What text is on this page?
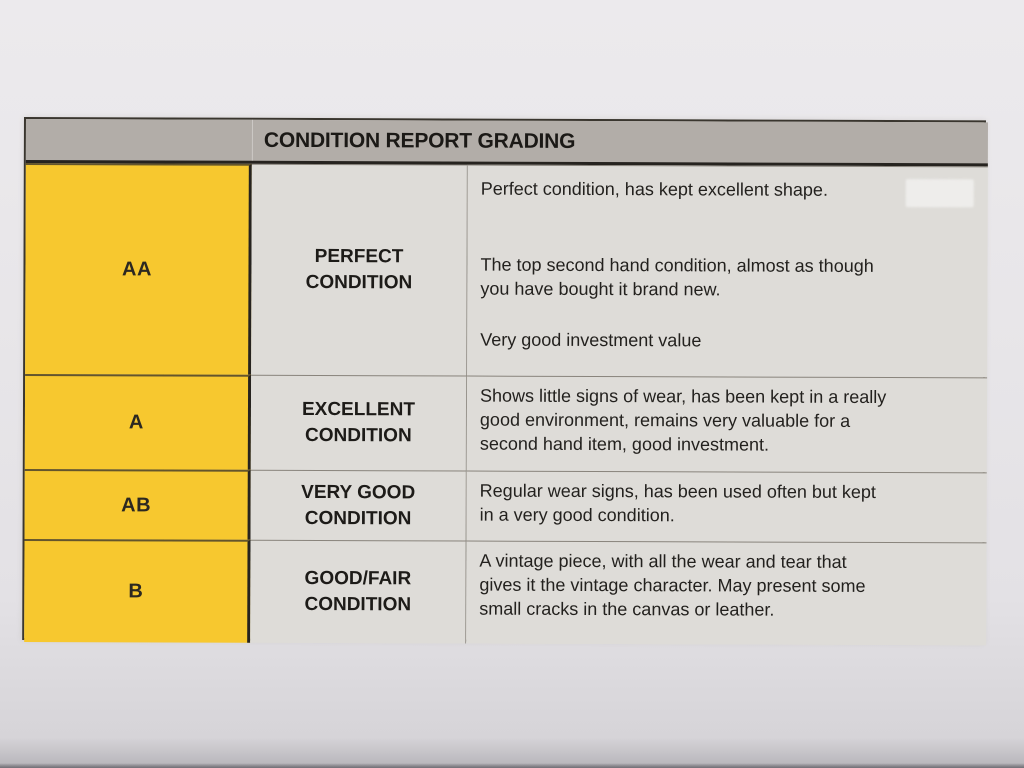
CONDITION REPORT GRADING
AA
PERFECT
CONDITION

Perfect condition, has kept excellent shape.

The top second hand condition, almost as though
you have bought it brand new.

Very good investment value

A
EXCELLENT
CONDITION

Shows little signs of wear, has been kept in a really
good environment, remains very valuable for a
second hand item, good investment.

AB
VERY GOOD
CONDITION

Regular wear signs, has been used often but kept
in a very good condition.

B
GOOD/FAIR
CONDITION

A vintage piece, with all the wear and tear that
gives it the vintage character. May present some
small cracks in the canvas or leather.
